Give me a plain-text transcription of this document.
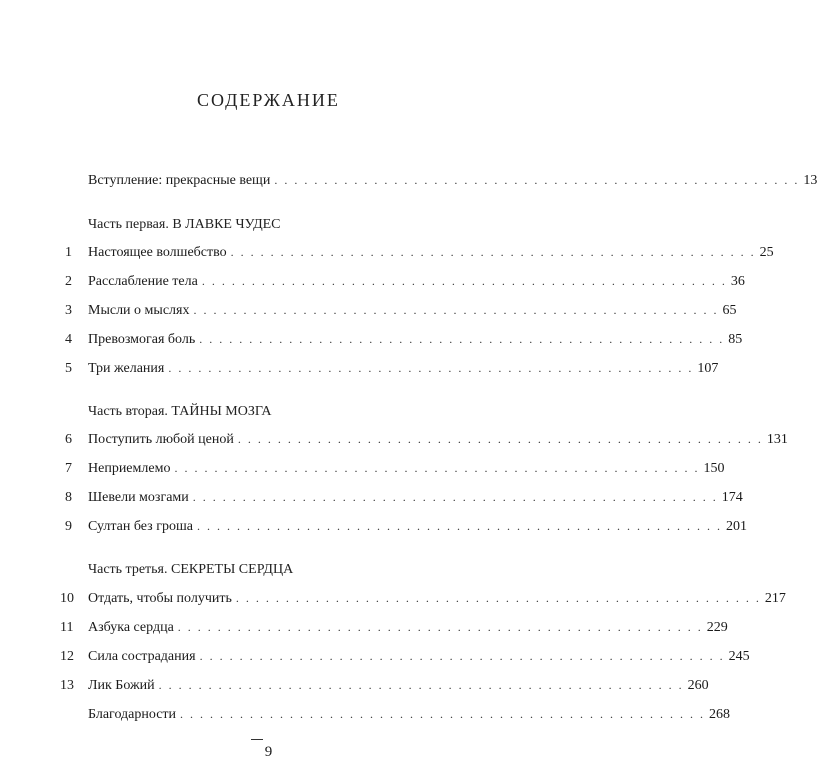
СОДЕРЖАНИЕ
Вступление: прекрасные вещи . . . . . . . . . . . . . . . . . . . . . . . . . . . . . . . . . . . . . . . . . . . . . . . . . . . . . 13
Часть первая. В ЛАВКЕ ЧУДЕС
1 Настоящее волшебство . . . . . . . . . . . . . . . . . . . . . . . . . . . . . . . . . . . . . . . . . . . . . . . . . . . . . 25
2 Расслабление тела . . . . . . . . . . . . . . . . . . . . . . . . . . . . . . . . . . . . . . . . . . . . . . . . . . . . . 36
3 Мысли о мыслях . . . . . . . . . . . . . . . . . . . . . . . . . . . . . . . . . . . . . . . . . . . . . . . . . . . . . 65
4 Превозмогая боль . . . . . . . . . . . . . . . . . . . . . . . . . . . . . . . . . . . . . . . . . . . . . . . . . . . . . 85
5 Три желания . . . . . . . . . . . . . . . . . . . . . . . . . . . . . . . . . . . . . . . . . . . . . . . . . . . . . 107
Часть вторая. ТАЙНЫ МОЗГА
6 Поступить любой ценой . . . . . . . . . . . . . . . . . . . . . . . . . . . . . . . . . . . . . . . . . . . . . . . . . . . . . 131
7 Неприемлемо . . . . . . . . . . . . . . . . . . . . . . . . . . . . . . . . . . . . . . . . . . . . . . . . . . . . . 150
8 Шевели мозгами . . . . . . . . . . . . . . . . . . . . . . . . . . . . . . . . . . . . . . . . . . . . . . . . . . . . . 174
9 Султан без гроша . . . . . . . . . . . . . . . . . . . . . . . . . . . . . . . . . . . . . . . . . . . . . . . . . . . . . 201
Часть третья. СЕКРЕТЫ СЕРДЦА
10 Отдать, чтобы получить . . . . . . . . . . . . . . . . . . . . . . . . . . . . . . . . . . . . . . . . . . . . . . . . . . . . . 217
11 Азбука сердца . . . . . . . . . . . . . . . . . . . . . . . . . . . . . . . . . . . . . . . . . . . . . . . . . . . . . 229
12 Сила сострадания . . . . . . . . . . . . . . . . . . . . . . . . . . . . . . . . . . . . . . . . . . . . . . . . . . . . . 245
13 Лик Божий . . . . . . . . . . . . . . . . . . . . . . . . . . . . . . . . . . . . . . . . . . . . . . . . . . . . . 260
Благодарности . . . . . . . . . . . . . . . . . . . . . . . . . . . . . . . . . . . . . . . . . . . . . . . . . . . . . 268
9
